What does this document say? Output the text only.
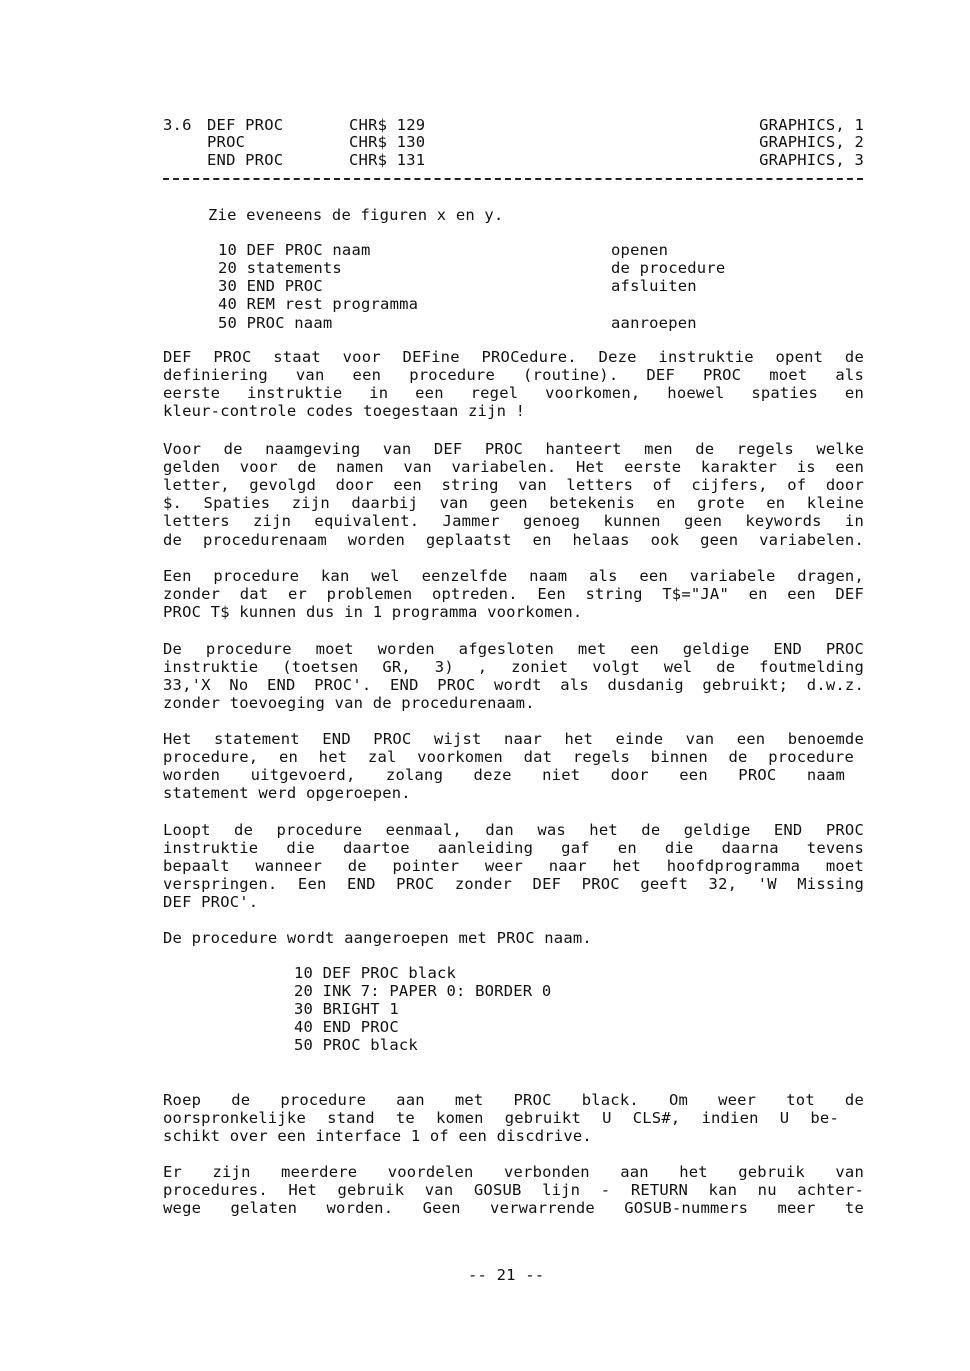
3.6 DEF PROC
PROC
END PROC
CHR$ 129
CHR$ 130
CHR$ 131
GRAPHICS, 1
GRAPHICS, 2
GRAPHICS, 3
Zie eveneens de figuren x en y.
10 DEF PROC naam
20 statements
30 END PROC
40 REM rest programma
50 PROC naam
openen
de procedure
afsluiten
aanroepen
DEF PROC staat voor DEFine PROCedure. Deze instruktie opent de
definiering van een procedure (routine). DEF PROC moet als
eerste instruktie in een regel voorkomen, hoewel spaties en
kleur-controle codes toegestaan zijn !
Voor de naamgeving van DEF PROC hanteert men de regels welke
gelden voor de namen van variabelen. Het eerste karakter is een
letter, gevolgd door een string van letters of cijfers, of door
$. Spaties zijn daarbij van geen betekenis en grote en kleine
letters zijn equivalent. Jammer genoeg kunnen geen keywords in
de procedurenaam worden geplaatst en helaas ook geen variabelen.
Een procedure kan wel eenzelfde naam als een variabele dragen,
zonder dat er problemen optreden. Een string T$="JA" en een DEF
PROC T$ kunnen dus in 1 programma voorkomen.
De procedure moet worden afgesloten met een geldige END PROC
instruktie (toetsen GR, 3) , zoniet volgt wel de foutmelding
33,'X No END PROC'. END PROC wordt als dusdanig gebruikt; d.w.z.
zonder toevoeging van de procedurenaam.
Het statement END PROC wijst naar het einde van een benoemde
procedure, en het zal voorkomen dat regels binnen de procedure
worden uitgevoerd, zolang deze niet door een PROC naam
statement werd opgeroepen.
Loopt de procedure eenmaal, dan was het de geldige END PROC
instruktie die daartoe aanleiding gaf en die daarna tevens
bepaalt wanneer de pointer weer naar het hoofdprogramma moet
verspringen. Een END PROC zonder DEF PROC geeft 32, 'W Missing
DEF PROC'.
De procedure wordt aangeroepen met PROC naam.
10 DEF PROC black
20 INK 7: PAPER 0: BORDER 0
30 BRIGHT 1
40 END PROC
50 PROC black
Roep de procedure aan met PROC black. Om weer tot de
oorspronkelijke stand te komen gebruikt U CLS#, indien U be-
schikt over een interface 1 of een discdrive.
Er zijn meerdere voordelen verbonden aan het gebruik van
procedures. Het gebruik van GOSUB lijn - RETURN kan nu achter-
wege gelaten worden. Geen verwarrende GOSUB-nummers meer te
-- 21 --
